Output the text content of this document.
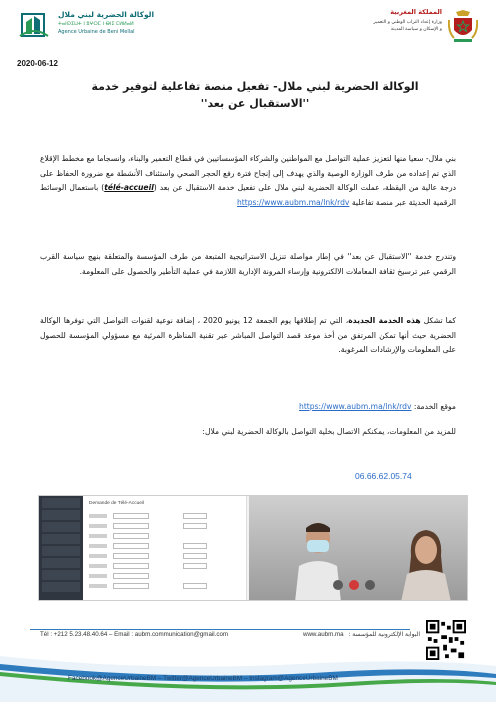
الوكالة الحضرية لبني ملال
ⵜⴰⵏⵙⵉⵡⵜ ⵏ ⵓⵖⵔⵎ ⵏ ⴱⵏⵉ ⵎⵍⵍⴰⵍ
Agence Urbaine de Beni Mellal
المملكة المغربية
وزارة إعداد التراب الوطني و التعمير
و الإسكان و سياسة المدينة
2020-06-12
الوكالة الحضرية لبني ملال- تفعيل منصة تفاعلية لتوفير خدمة ''الاستقبال عن بعد''
بني ملال- سعيا منها لتعزيز عملية التواصل مع المواطنين والشركاء المؤسساتيين في قطاع التعمير والبناء، وانسجاما مع مخطط الإقلاع الذي تم إعداده من طرف الوزارة الوصية والذي يهدف إلى إنجاح فترة رفع الحجر الصحي واستئناف الأنشطة مع ضرورة الحفاظ على درجة عالية من اليقظة، عملت الوكالة الحضرية لبني ملال على تفعيل خدمة الاستقبال عن بعد (télé-accueil) باستعمال الوسائط الرقمية الحديثة عبر منصة تفاعلية https://www.aubm.ma/lnk/rdv
وتندرج خدمة ''الاستقبال عن بعد'' في إطار مواصلة تنزيل الاستراتيجية المتبعة من طرف المؤسسة والمتعلقة بنهج سياسة القرب الرقمي عبر ترسيخ ثقافة المعاملات الالكترونية وإرساء المرونة الإدارية اللازمة في عملية التأطير والحصول على المعلومة.
كما تشكل هذه الخدمة الجديدة، التي تم إطلاقها يوم الجمعة 12 يونيو 2020 ، إضافة نوعية لقنوات التواصل التي توفرها الوكالة الحضرية حيث أنها تمكن المرتفق من أخذ موعد قصد التواصل المباشر عبر تقنية المناظرة المرئية مع مسؤولي المؤسسة للحصول على المعلومات والإرشادات المرغوبة.
موقع الخدمة: https://www.aubm.ma/lnk/rdv
للمزيد من المعلومات، يمكنكم الاتصال بخلية التواصل بالوكالة الحضرية لبني ملال:
06.66.62.05.74
Demande de Télé-Accueil
Tél : +212 5.23.48.40.64 – Email : aubm.communication@gmail.com	www.aubm.ma البوابة الإلكترونية للمؤسسة :
Facebook@AgenceUrbaineBM – Twitter@AgenceUrbaineBM – Instagram@AgenceUrbaineBM
